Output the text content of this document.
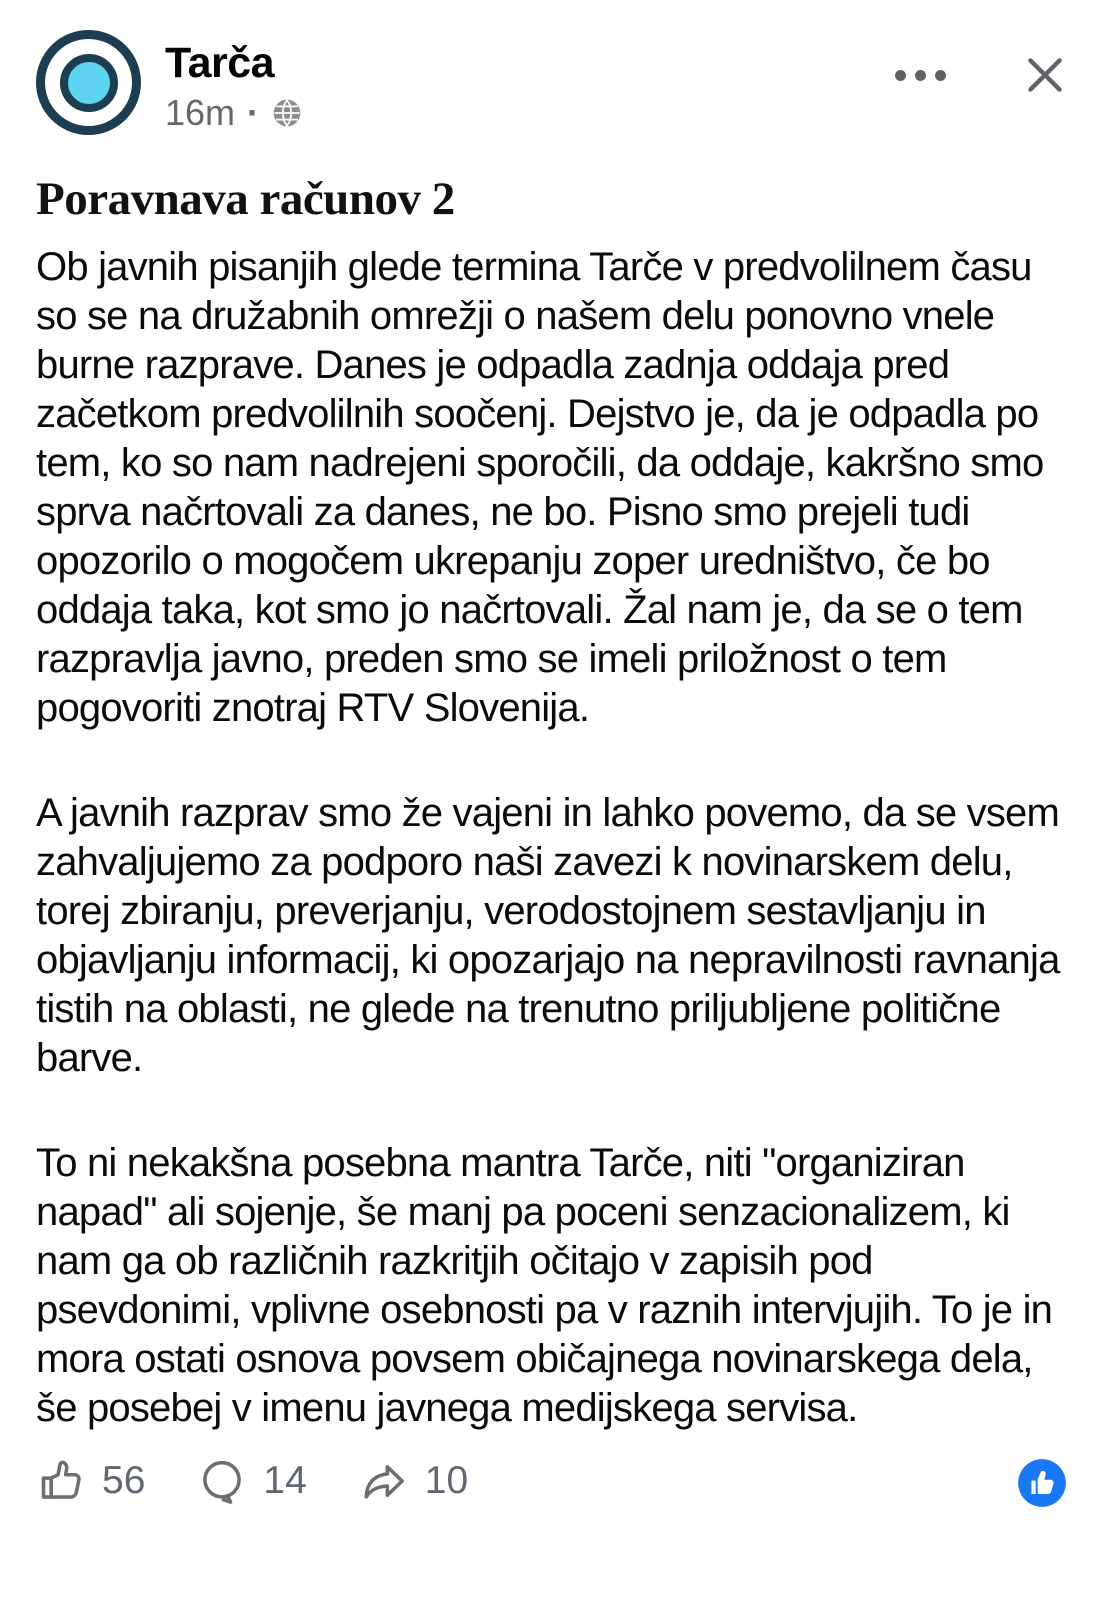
Tarča
16m ·
Poravnava računov 2

Ob javnih pisanjih glede termina Tarče v predvolilnem času so se na družabnih omrežji o našem delu ponovno vnele burne razprave. Danes je odpadla zadnja oddaja pred začetkom predvolilnih soočenj. Dejstvo je, da je odpadla po tem, ko so nam nadrejeni sporočili, da oddaje, kakršno smo sprva načrtovali za danes, ne bo. Pisno smo prejeli tudi opozorilo o mogočem ukrepanju zoper uredništvo, če bo oddaja taka, kot smo jo načrtovali. Žal nam je, da se o tem razpravlja javno, preden smo se imeli priložnost o tem pogovoriti znotraj RTV Slovenija.

A javnih razprav smo že vajeni in lahko povemo, da se vsem zahvaljujemo za podporo naši zavezi k novinarskem delu, torej zbiranju, preverjanju, verodostojnem sestavljanju in objavljanju informacij, ki opozarjajo na nepravilnosti ravnanja tistih na oblasti, ne glede na trenutno priljubljene politične barve.

To ni nekakšna posebna mantra Tarče, niti "organiziran napad" ali sojenje, še manj pa poceni senzacionalizem, ki nam ga ob različnih razkritjih očitajo v zapisih pod psevdonimi, vplivne osebnosti pa v raznih intervjujih. To je in mora ostati osnova povsem običajnega novinarskega dela, še posebej v imenu javnega medijskega servisa.

56	14	10
